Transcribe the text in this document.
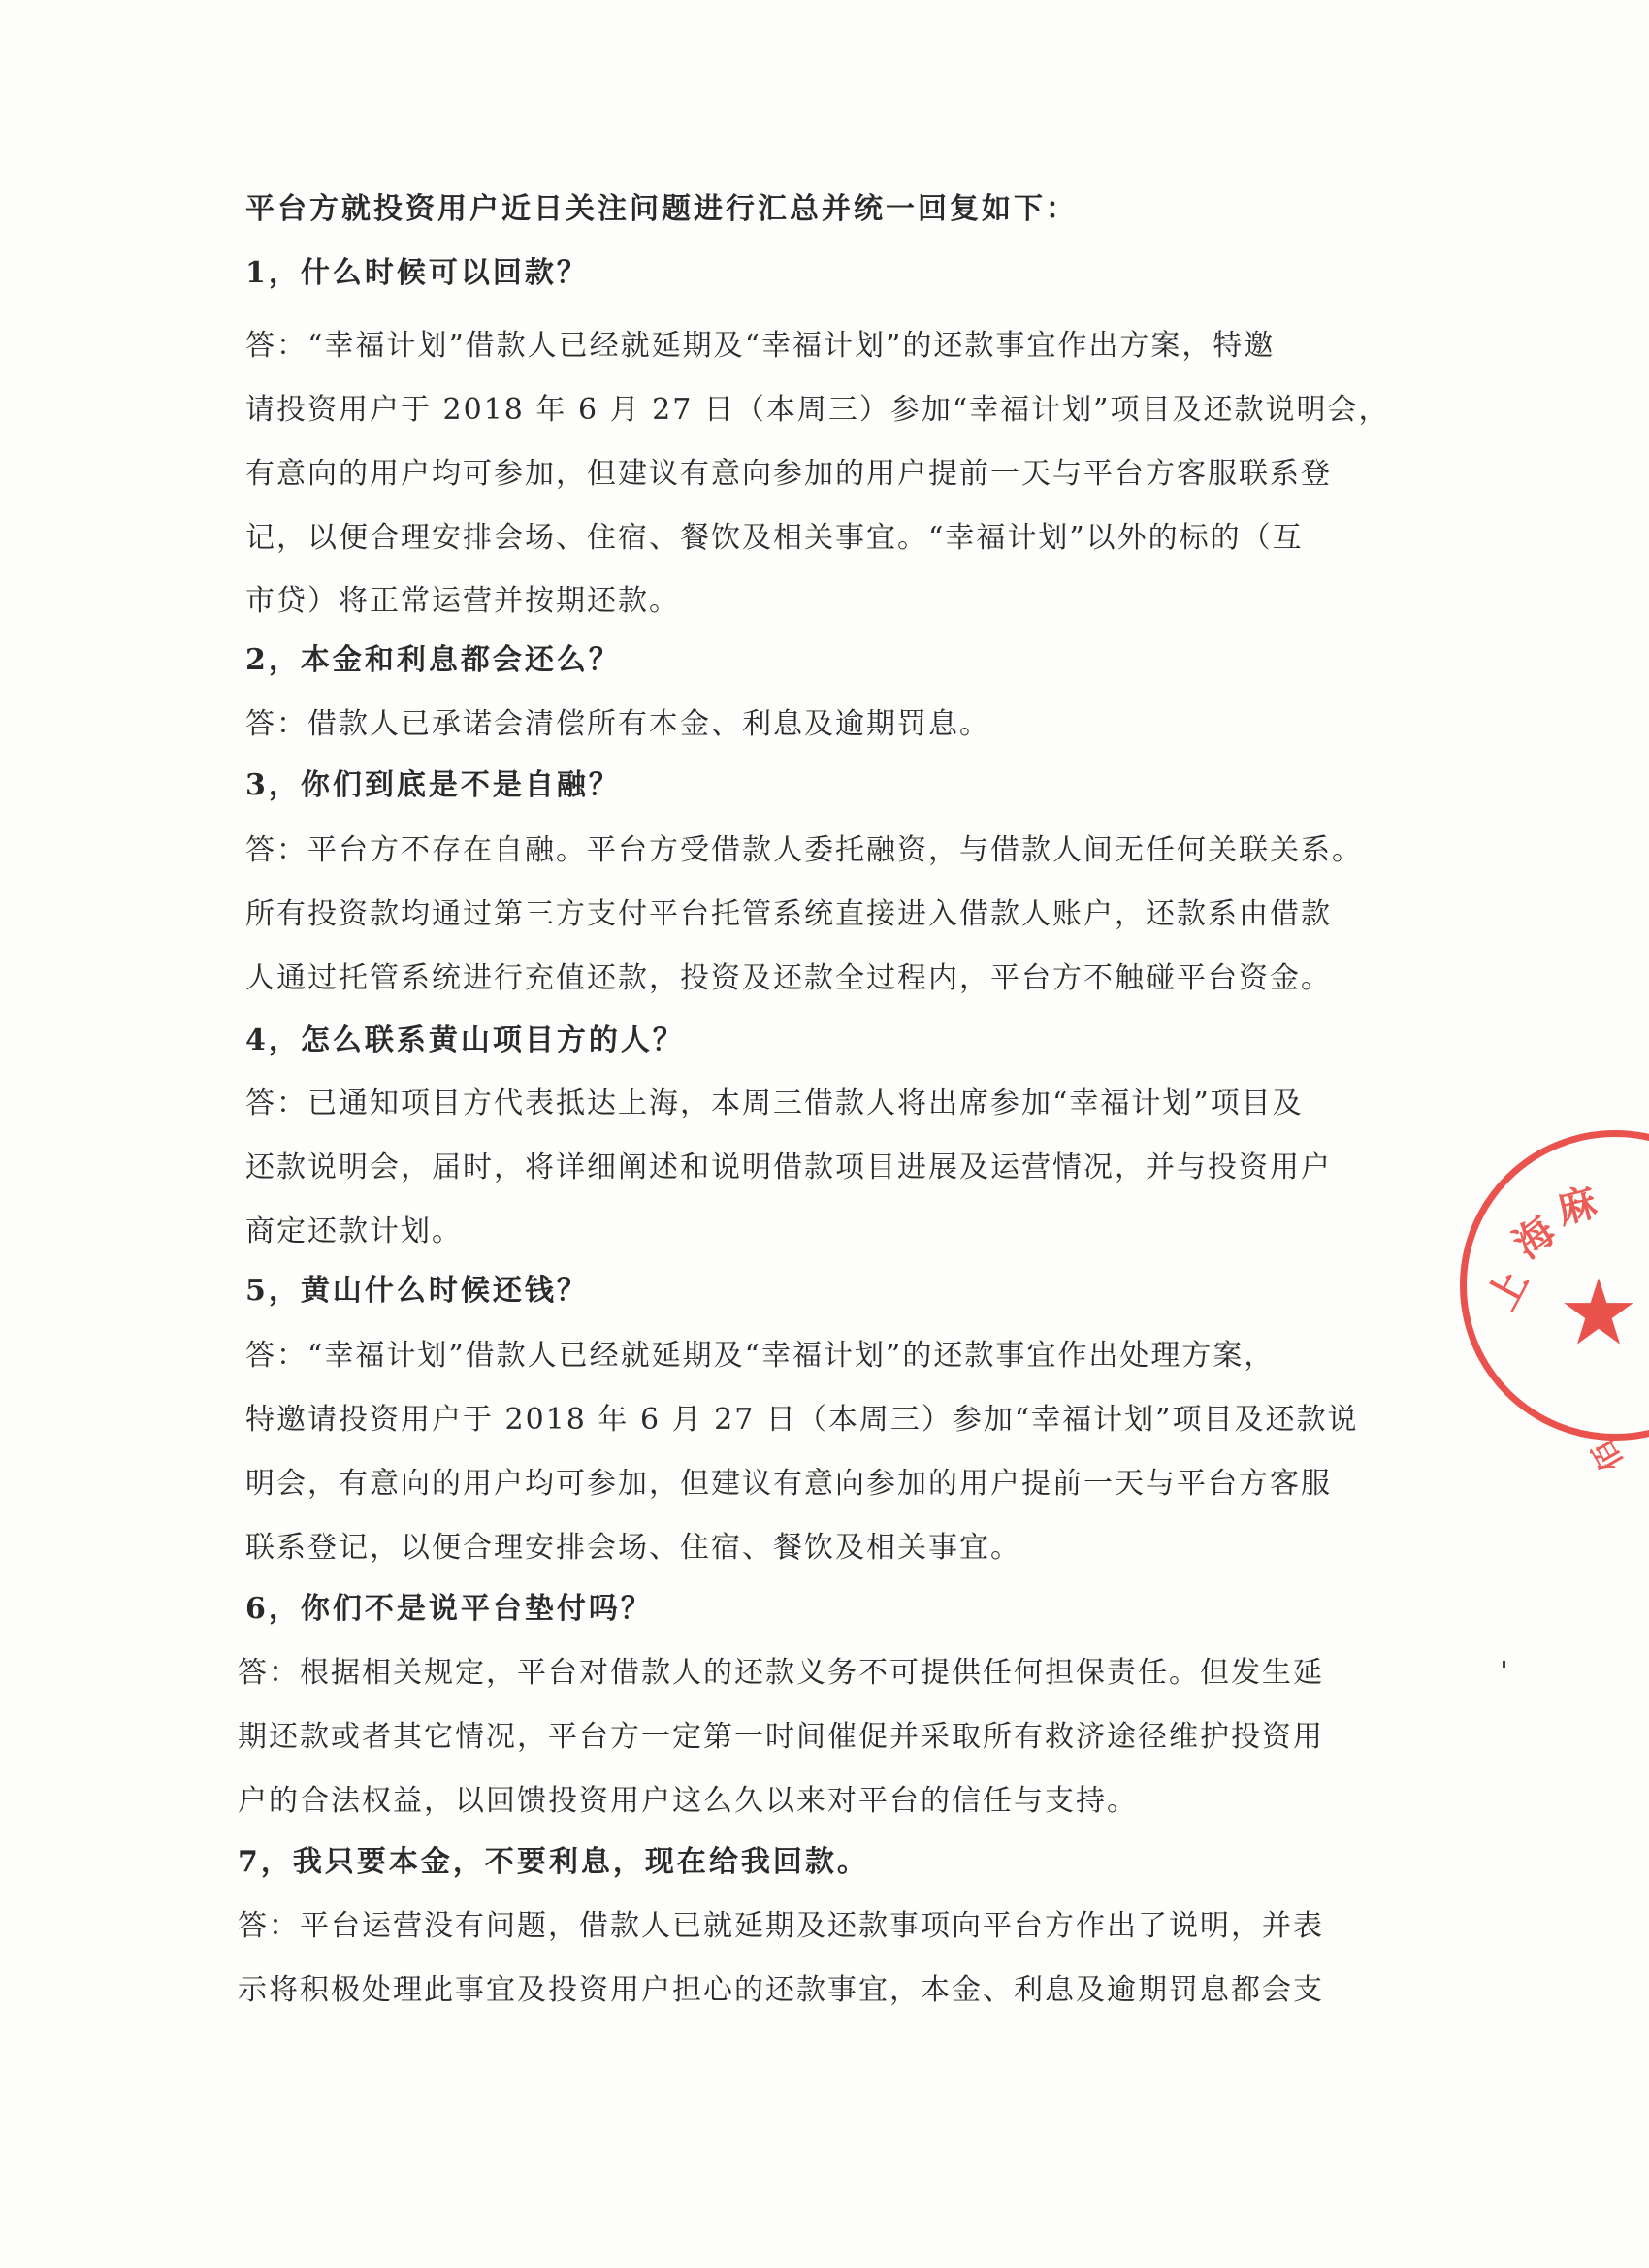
平台方就投资用户近日关注问题进行汇总并统一回复如下：
1，什么时候可以回款？
答：“幸福计划”借款人已经就延期及“幸福计划”的还款事宜作出方案，特邀
请投资用户于 2018 年 6 月 27 日（本周三）参加“幸福计划”项目及还款说明会，
有意向的用户均可参加，但建议有意向参加的用户提前一天与平台方客服联系登
记，以便合理安排会场、住宿、餐饮及相关事宜。“幸福计划”以外的标的（互
市贷）将正常运营并按期还款。
2，本金和利息都会还么？
答：借款人已承诺会清偿所有本金、利息及逾期罚息。
3，你们到底是不是自融？
答：平台方不存在自融。平台方受借款人委托融资，与借款人间无任何关联关系。
所有投资款均通过第三方支付平台托管系统直接进入借款人账户，还款系由借款
人通过托管系统进行充值还款，投资及还款全过程内，平台方不触碰平台资金。
4，怎么联系黄山项目方的人？
答：已通知项目方代表抵达上海，本周三借款人将出席参加“幸福计划”项目及
还款说明会，届时，将详细阐述和说明借款项目进展及运营情况，并与投资用户
商定还款计划。
5，黄山什么时候还钱？
答：“幸福计划”借款人已经就延期及“幸福计划”的还款事宜作出处理方案，
特邀请投资用户于 2018 年 6 月 27 日（本周三）参加“幸福计划”项目及还款说
明会，有意向的用户均可参加，但建议有意向参加的用户提前一天与平台方客服
联系登记，以便合理安排会场、住宿、餐饮及相关事宜。
6，你们不是说平台垫付吗？
答：根据相关规定，平台对借款人的还款义务不可提供任何担保责任。但发生延
期还款或者其它情况，平台方一定第一时间催促并采取所有救济途径维护投资用
户的合法权益，以回馈投资用户这么久以来对平台的信任与支持。
7，我只要本金，不要利息，现在给我回款。
答：平台运营没有问题，借款人已就延期及还款事项向平台方作出了说明，并表
示将积极处理此事宜及投资用户担心的还款事宜，本金、利息及逾期罚息都会支
上
海
麻
佰
